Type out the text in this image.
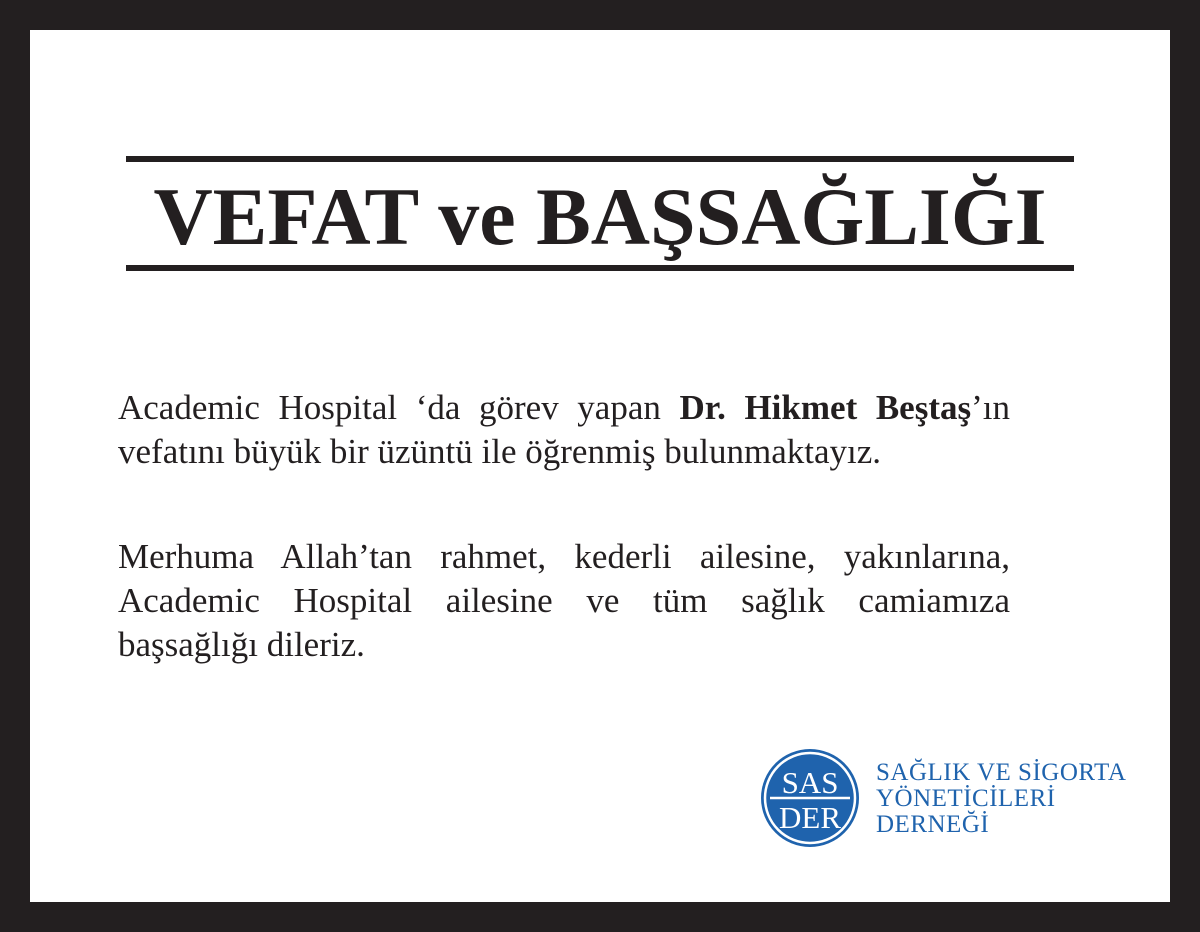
VEFAT ve BAŞSAĞLIĞI
Academic Hospital ‘da görev yapan Dr. Hikmet Beştaş’ın
vefatını büyük bir üzüntü ile öğrenmiş bulunmaktayız.
Merhuma Allah’tan rahmet, kederli ailesine, yakınlarına,
Academic Hospital ailesine ve tüm sağlık camiamıza
başsağlığı dileriz.
SAS
DER
SAĞLIK VE SİGORTA
YÖNETİCİLERİ
DERNEĞİ
